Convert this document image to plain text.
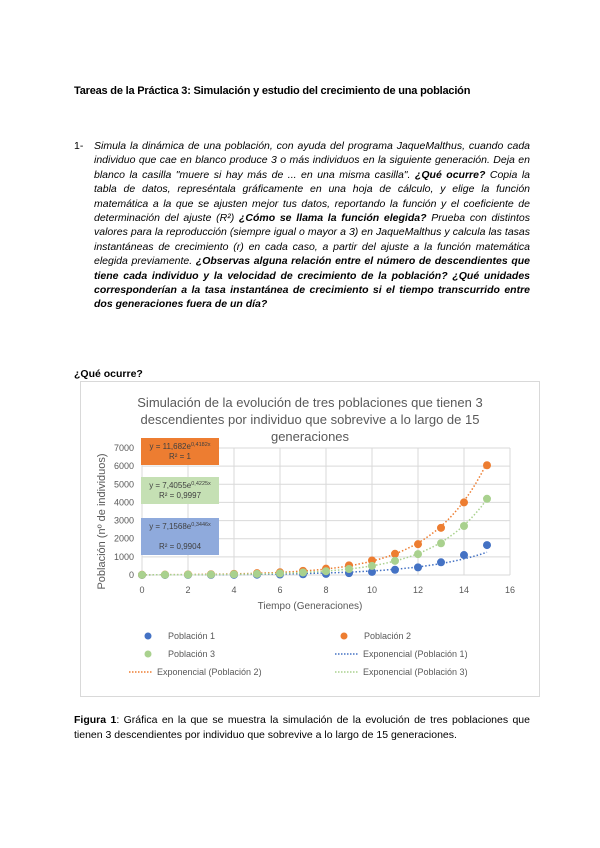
Tareas de la Práctica 3: Simulación y estudio del crecimiento de una población
1- Simula la dinámica de una población, con ayuda del programa JaqueMalthus, cuando cada individuo que cae en blanco produce 3 o más individuos en la siguiente generación. Deja en blanco la casilla "muere si hay más de ... en una misma casilla". ¿Qué ocurre? Copia la tabla de datos, represéntala gráficamente en una hoja de cálculo, y elige la función matemática a la que se ajusten mejor tus datos, reportando la función y el coeficiente de determinación del ajuste (R²) ¿Cómo se llama la función elegida? Prueba con distintos valores para la reproducción (siempre igual o mayor a 3) en JaqueMalthus y calcula las tasas instantáneas de crecimiento (r) en cada caso, a partir del ajuste a la función matemática elegida previamente. ¿Observas alguna relación entre el número de descendientes que tiene cada individuo y la velocidad de crecimiento de la población? ¿Qué unidades corresponderían a la tasa instantánea de crecimiento si el tiempo transcurrido entre dos generaciones fuera de un día?
¿Qué ocurre?
Simulación de la evolución de tres poblaciones que tienen 3
descendientes por individuo que sobrevive a lo largo de 15
generaciones
0
1000
2000
3000
4000
5000
6000
7000
0	2	4	6	8	10	12	14	16
Tiempo (Generaciones)
Población (nº de individuos)
$y = 11,682e^{0,4182x}$
R² = 1
$y = 7,4055e^{0,4225x}$
R² = 0,9997
$y = 7,1568e^{0,3446x}$
R² = 0,9904
Población 1	Población 2
Población 3	Exponencial (Población 1)
Exponencial (Población 2)	Exponencial (Población 3)
Figura 1: Gráfica en la que se muestra la simulación de la evolución de tres poblaciones que tienen 3 descendientes por individuo que sobrevive a lo largo de 15 generaciones.
